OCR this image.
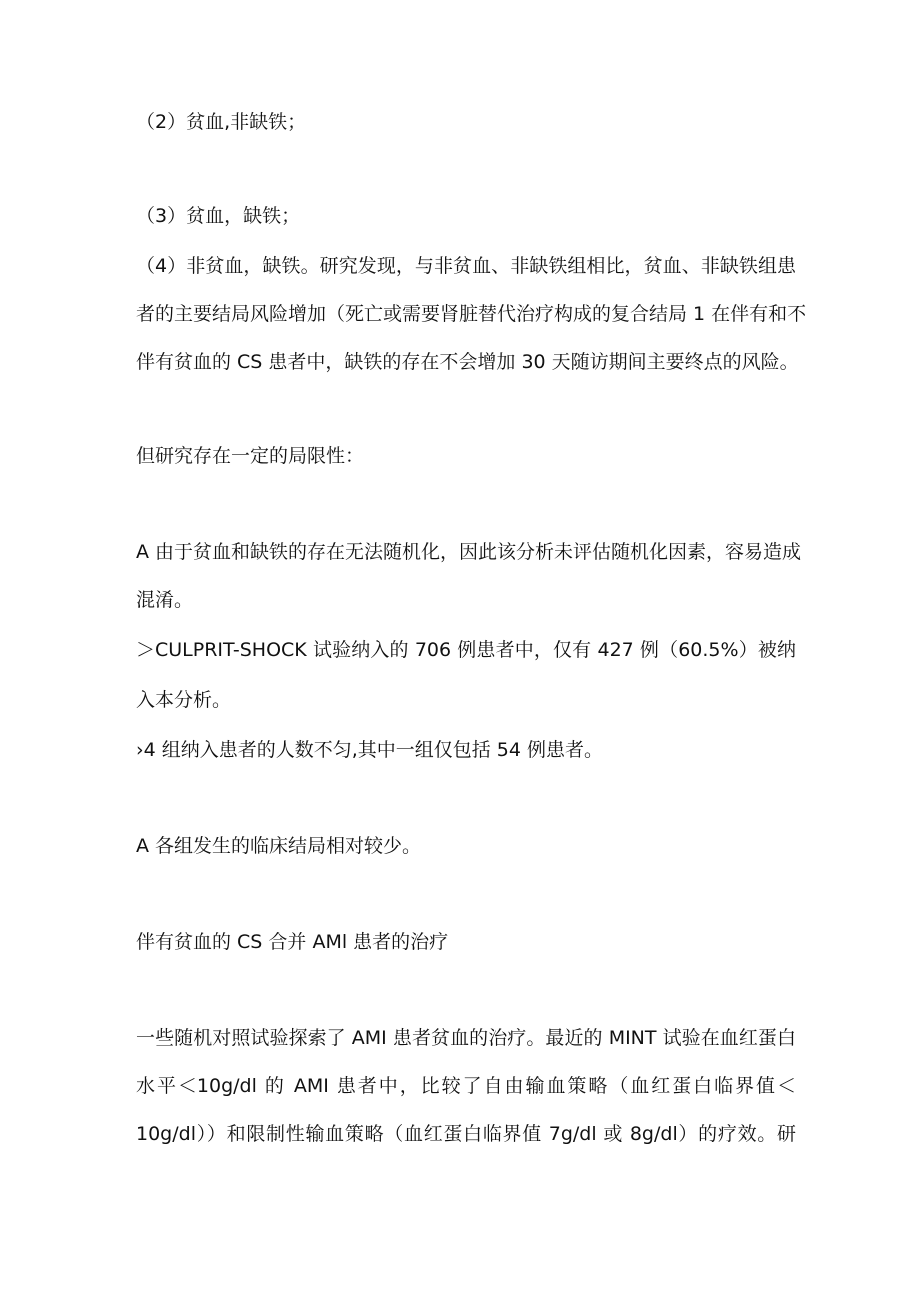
（2）贫血,非缺铁；
（3）贫血，缺铁；
（4）非贫血，缺铁。研究发现，与非贫血、非缺铁组相比，贫血、非缺铁组患
者的主要结局风险增加（死亡或需要肾脏替代治疗构成的复合结局 1 在伴有和不
伴有贫血的 CS 患者中，缺铁的存在不会增加 30 天随访期间主要终点的风险。
但研究存在一定的局限性：
A 由于贫血和缺铁的存在无法随机化，因此该分析未评估随机化因素，容易造成
混淆。
＞CULPRIT-SHOCK 试验纳入的 706 例患者中，仅有 427 例（60.5%）被纳
入本分析。
›4 组纳入患者的人数不匀,其中一组仅包括 54 例患者。
A 各组发生的临床结局相对较少。
伴有贫血的 CS 合并 AMl 患者的治疗
一些随机对照试验探索了 AMI 患者贫血的治疗。最近的 MINT 试验在血红蛋白
水平＜10g/dl 的 AMI 患者中，比较了自由输血策略（血红蛋白临界值＜
10g/dl））和限制性输血策略（血红蛋白临界值 7g/dl 或 8g/dl）的疗效。研
